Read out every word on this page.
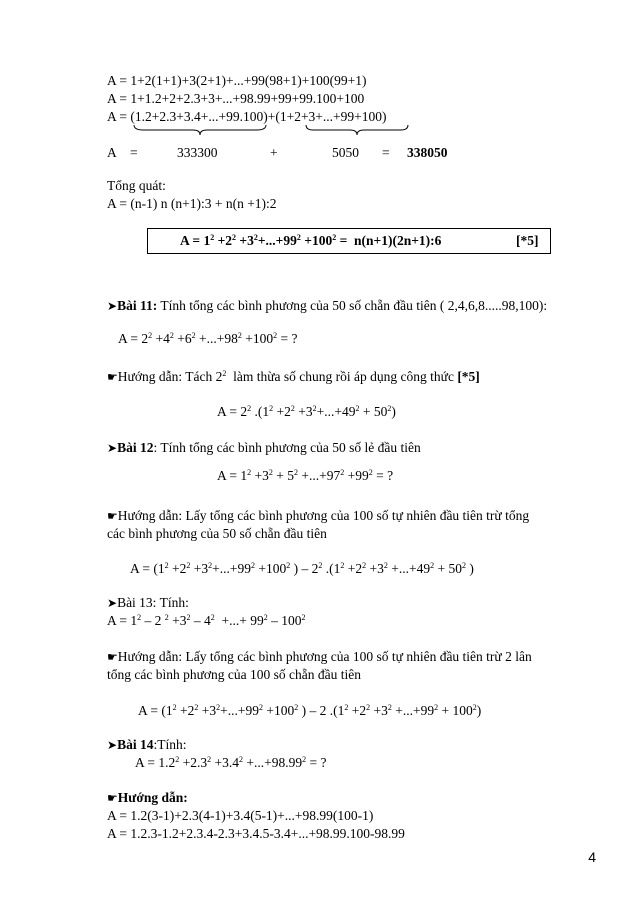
A = 1+2(1+1)+3(2+1)+...+99(98+1)+100(99+1)
A = 1+1.2+2+2.3+3+...+98.99+99+99.100+100
A = (1.2+2.3+3.4+...+99.100)+(1+2+3+...+99+100)
A =	333300	+	5050 = 338050
Tổng quát:
A = (n-1) n (n+1):3 + n(n +1):2
$A = 1^2 +2^2 +3^2+...+99^2 +100^2$ =  n(n+1)(2n+1):6	[*5]
➤Bài 11: Tính tổng các bình phương của 50 số chẵn đầu tiên ( 2,4,6,8.....98,100):
$A = 2^2 +4^2 +6^2 +...+98^2 +100^2$ = ?
☛Hướng dẫn: Tách $2^2$ làm thừa số chung rồi áp dụng công thức [*5]
$A = 2^2$ $.(1^2 +2^2 +3^2+...+49^2 + 50^2)$
➤Bài 12: Tính tổng các bình phương của 50 số lẻ đầu tiên
$A = 1^2 +3^2 + 5^2 +...+97^2 +99^2$ = ?
☛Hướng dẫn: Lấy tổng các bình phương của 100 số tự nhiên đầu tiên trừ tổng
các bình phương của 50 số chẵn đầu tiên
$A = (1^2 +2^2 +3^2+...+99^2 +100^2$ ) – $2^2$ $.(1^2 +2^2 +3^2 +...+49^2 + 50^2$ )
➤Bài 13: Tính:
$A = 1^2 - 2$ $^2 +3^2 - 4^2$  +...+ $99^2 - 100^2$
☛Hướng dẫn: Lấy tổng các bình phương của 100 số tự nhiên đầu tiên trừ 2 lân
tổng các bình phương của 100 số chẵn đầu tiên
$A = (1^2 +2^2 +3^2+...+99^2 +100^2$ ) – 2 $.(1^2 +2^2 +3^2 +...+99^2 + 100^2)$
➤Bài 14:Tính:
$A = 1.2^2 +2.3^2 +3.4^2 +...+98.99^2$ = ?
☛Hướng dẫn:
A = 1.2(3-1)+2.3(4-1)+3.4(5-1)+...+98.99(100-1)
A = 1.2.3-1.2+2.3.4-2.3+3.4.5-3.4+...+98.99.100-98.99
4
